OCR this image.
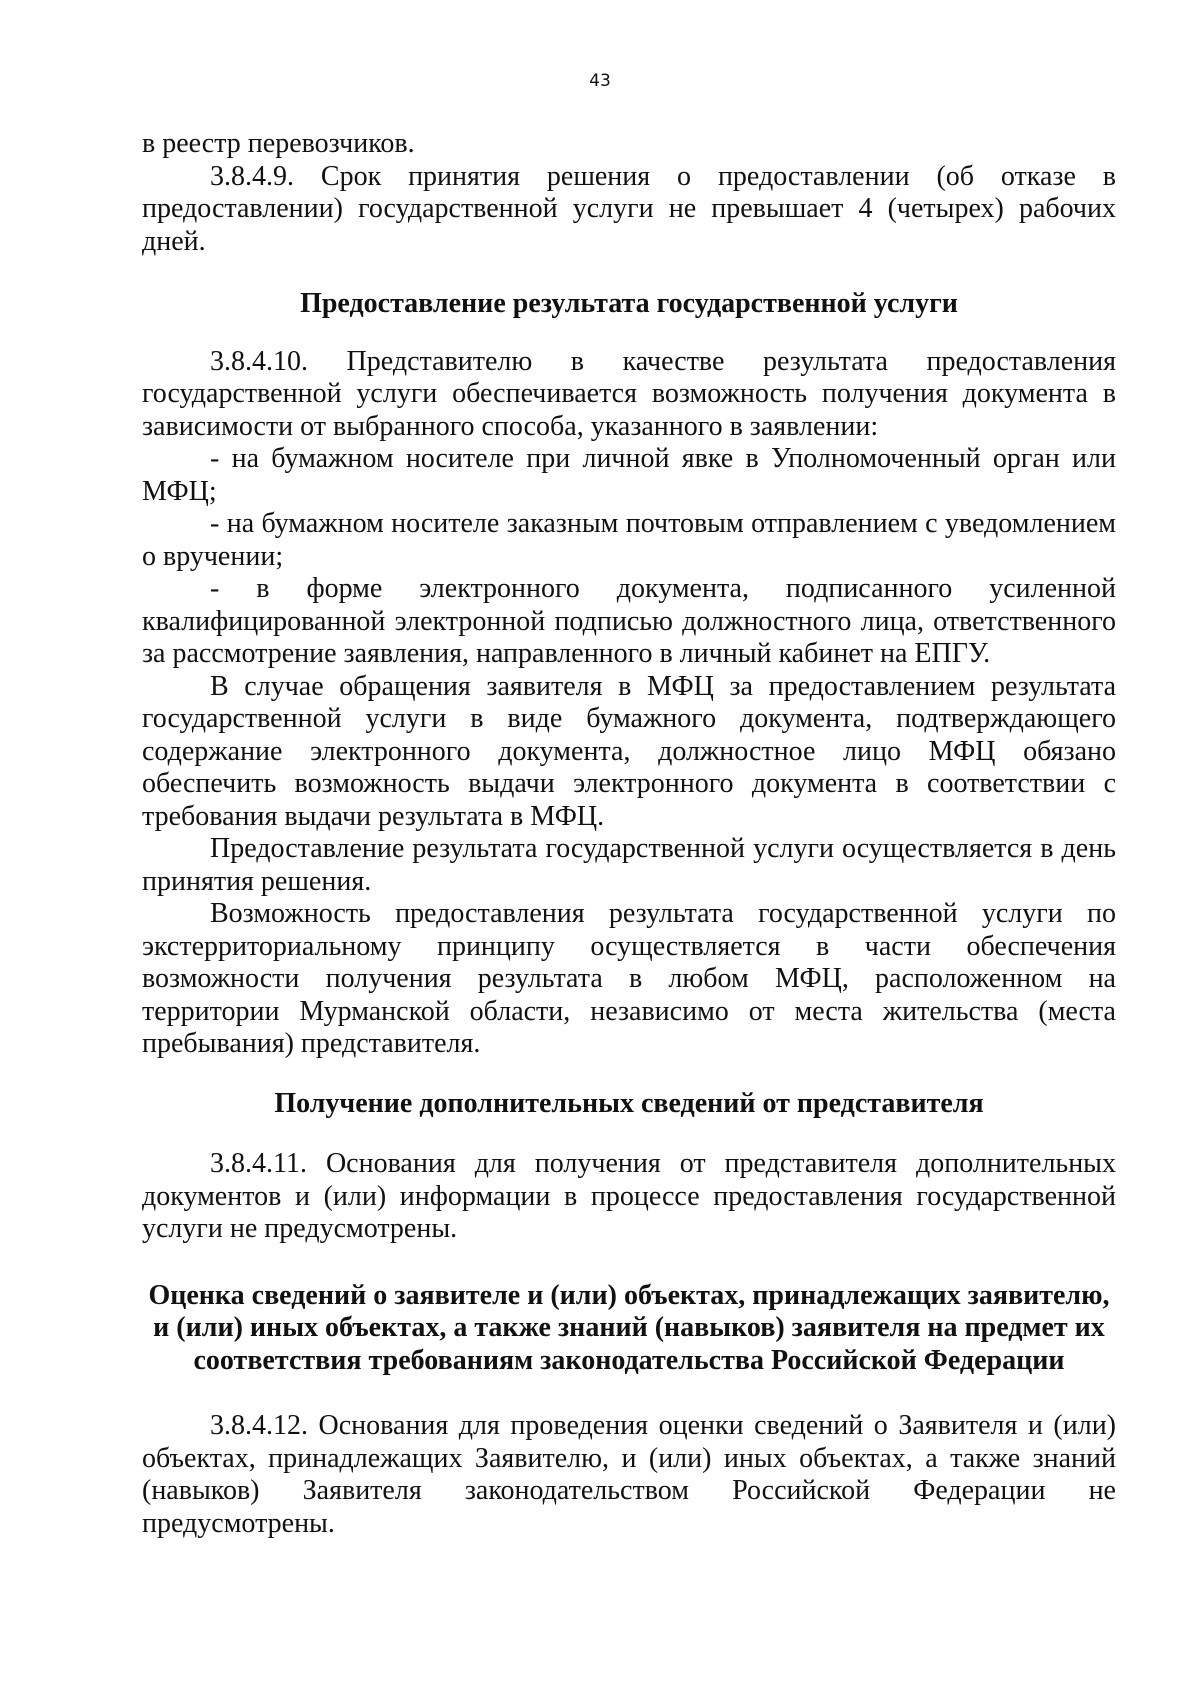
43

в реестр перевозчиков.

3.8.4.9. Срок принятия решения о предоставлении (об отказе в предоставлении) государственной услуги не превышает 4 (четырех) рабочих дней.

Предоставление результата государственной услуги

3.8.4.10. Представителю в качестве результата предоставления государственной услуги обеспечивается возможность получения документа в зависимости от выбранного способа, указанного в заявлении:

- на бумажном носителе при личной явке в Уполномоченный орган или МФЦ;

- на бумажном носителе заказным почтовым отправлением с уведомлением о вручении;

- в форме электронного документа, подписанного усиленной квалифицированной электронной подписью должностного лица, ответственного за рассмотрение заявления, направленного в личный кабинет на ЕПГУ.

В случае обращения заявителя в МФЦ за предоставлением результата государственной услуги в виде бумажного документа, подтверждающего содержание электронного документа, должностное лицо МФЦ обязано обеспечить возможность выдачи электронного документа в соответствии с требования выдачи результата в МФЦ.

Предоставление результата государственной услуги осуществляется в день принятия решения.

Возможность предоставления результата государственной услуги по экстерриториальному принципу осуществляется в части обеспечения возможности получения результата в любом МФЦ, расположенном на территории Мурманской области, независимо от места жительства (места пребывания) представителя.

Получение дополнительных сведений от представителя

3.8.4.11. Основания для получения от представителя дополнительных документов и (или) информации в процессе предоставления государственной услуги не предусмотрены.

Оценка сведений о заявителе и (или) объектах, принадлежащих заявителю,
и (или) иных объектах, а также знаний (навыков) заявителя на предмет их
соответствия требованиям законодательства Российской Федерации

3.8.4.12. Основания для проведения оценки сведений о Заявителя и (или) объектах, принадлежащих Заявителю, и (или) иных объектах, а также знаний (навыков) Заявителя законодательством Российской Федерации не предусмотрены.
